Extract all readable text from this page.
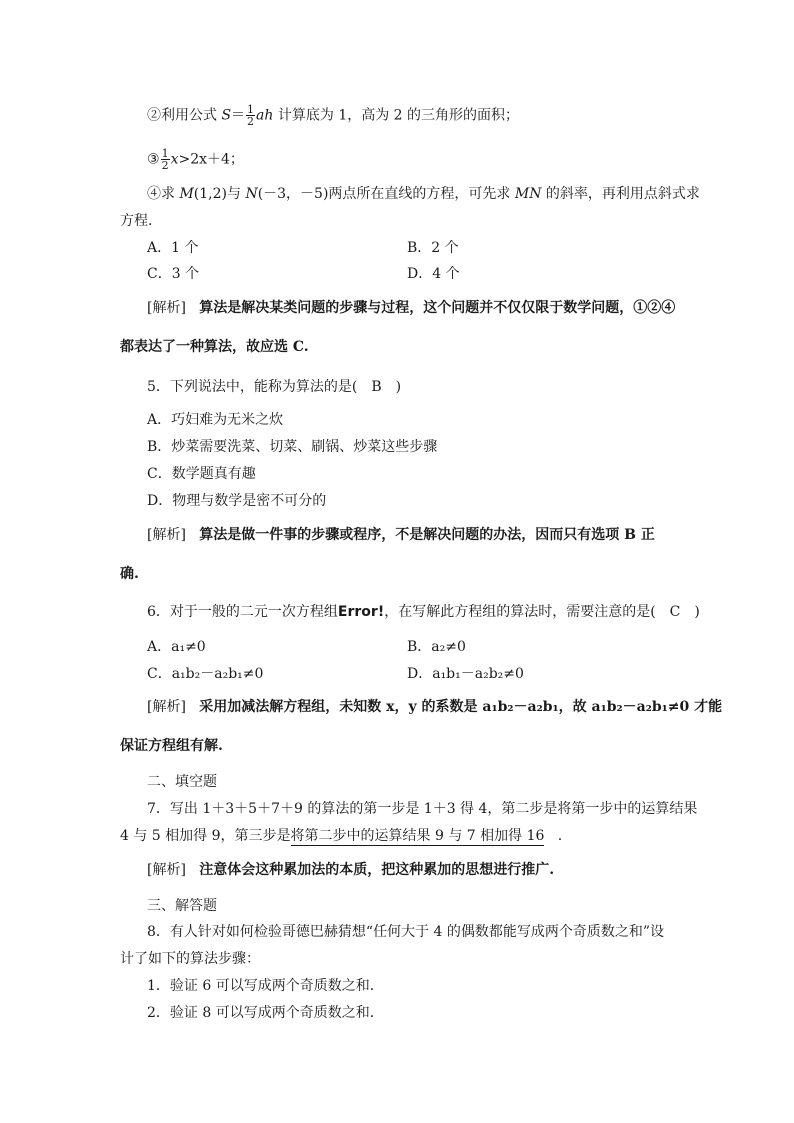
②利用公式 $S= \frac{1}{2}$ ah 计算底为 1，高为 2 的三角形的面积；
③ $\frac{1}{2} x>2x+4$；
④求 M(1,2)与 N(－3，－5)两点所在直线的方程，可先求 MN 的斜率，再利用点斜式求
方程．
A．1 个	B．2 个
C．3 个	D．4 个
[解析] 算法是解决某类问题的步骤与过程，这个问题并不仅仅限于数学问题，①②④
都表达了一种算法，故应选 C.
5．下列说法中，能称为算法的是(　B　)
A．巧妇难为无米之炊
B．炒菜需要洗菜、切菜、刷锅、炒菜这些步骤
C．数学题真有趣
D．物理与数学是密不可分的
[解析] 算法是做一件事的步骤或程序，不是解决问题的办法，因而只有选项 B 正
确.
6．对于一般的二元一次方程组Error!，在写解此方程组的算法时，需要注意的是(　C　)
A．a₁≠0	B．a₂≠0
C．a₁b₂－a₂b₁≠0	D．a₁b₁－a₂b₂≠0
[解析] 采用加减法解方程组，未知数 x，y 的系数是 a₁b₂－a₂b₁，故 a₁b₂－a₂b₁≠0 才能
保证方程组有解.
二、填空题
7．写出 1＋3＋5＋7＋9 的算法的第一步是 1＋3 得 4，第二步是将第一步中的运算结果
4 与 5 相加得 9，第三步是将第二步中的运算结果 9 与 7 相加得 16 .
[解析] 注意体会这种累加法的本质，把这种累加的思想进行推广.
三、解答题
8．有人针对如何检验哥德巴赫猜想“任何大于 4 的偶数都能写成两个奇质数之和”设
计了如下的算法步骤：
1．验证 6 可以写成两个奇质数之和．
2．验证 8 可以写成两个奇质数之和．
